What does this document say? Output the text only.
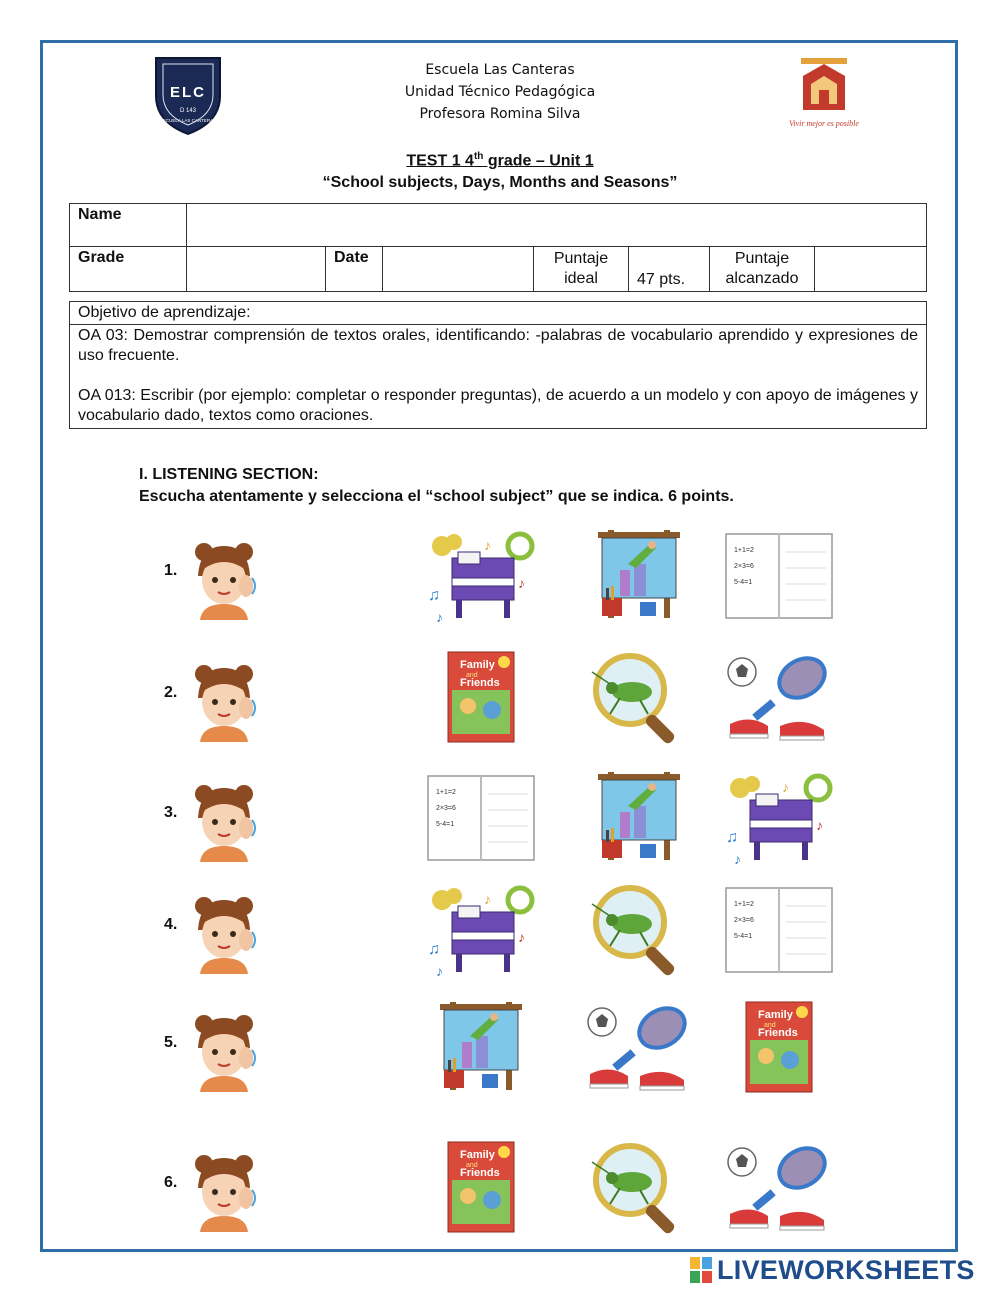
ELC
D 143
ESCUELA LAS CANTERAS	Vivir mejor es posible
Escuela Las Canteras
Unidad Técnico Pedagógica
Profesora Romina Silva
TEST 1 4th grade – Unit 1
“School subjects, Days, Months and Seasons”
Name							
Grade		Date		Puntaje ideal	47 pts.	Puntaje alcanzado	
Objetivo de aprendizaje:

OA 03: Demostrar comprensión de textos orales, identificando: -palabras de vocabulario aprendido y expresiones de uso frecuente.

OA 013: Escribir (por ejemplo: completar o responder preguntas), de acuerdo a un modelo y con apoyo de imágenes y vocabulario dado, textos como oraciones.

I. LISTENING SECTION:
Escucha atentamente y selecciona el “school subject” que se indica. 6 points.
1.
♪
♫
♪
♪
1+1=2
2×3=6
5-4=1
2.
Family
and
Friends
3.
1+1=2
2×3=6
5-4=1
♪
♫
♪
♪
4.
♪
♫
♪
♪
1+1=2
2×3=6
5-4=1
5.
Family
and
Friends
6.
Family
and
Friends
LIVEWORKSHEETS
